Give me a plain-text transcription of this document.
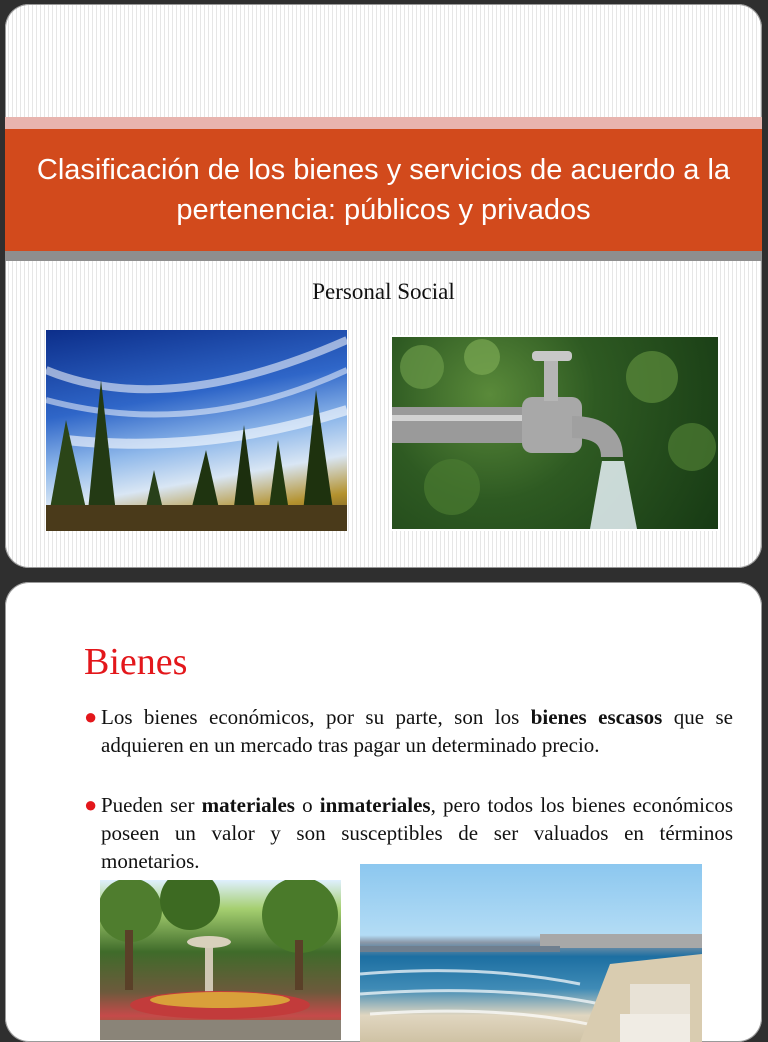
Clasificación de los bienes y servicios de acuerdo a la pertenencia: públicos y privados
Personal Social
Bienes
● Los bienes económicos, por su parte, son los bienes escasos que se adquieren en un mercado tras pagar un determinado precio.
● Pueden ser materiales o inmateriales, pero todos los bienes económicos poseen un valor y son susceptibles de ser valuados en términos monetarios.
